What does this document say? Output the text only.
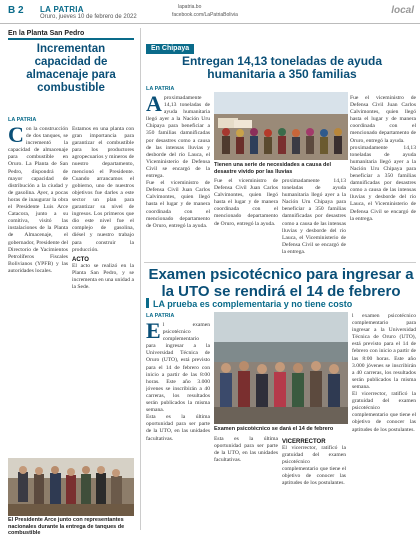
B 2 LA PATRIA
Oruro, jueves 10 de febrero de 2022
lapatria.bo
facebook.com/LaPatriaBolivia	local
En la Planta San Pedro
Incrementan capacidad de almacenaje para combustible
LA PATRIA
C on la construcción de dos tanques, se incrementó la capacidad de almacenaje para combustible en Oruro. La Planta de San Pedro, dispondrá de mayor capacidad de distribución a la ciudad y de gasolina. Ayer, a pocas horas de inaugurar la obra el Presidente Luis Arce Catacora, junto a su comitiva, visitó las instalaciones de la Planta de Almacenaje, el gobernador, Presidente del Directorio de Yacimientos Petrolíferos Fiscales Bolivianos (YPFB) y las autoridades locales.

Estamos en una planta con gran importancia para garantizar el combustible para los productores agropecuarios y mineros de nuestro departamento, mencionó el Presidente. Cuando arrancamos el gobierno, uno de nuestros objetivos fue darles a este sector un plan para garantizar su nivel de ingresos. Los primeros que dio este nivel fue el complejo de gasolina, diésel y nuestro trabajo para construir la producción.

ACTO

El acto se realizó en la Planta San Pedro, y se incrementa en una unidad a la Sede.

El Presidente Arce junto con representantes nacionales durante la entrega de tanques de combustible
En Chipaya
Entregan 14,13 toneladas de ayuda humanitaria a 350 familias
LA PATRIA
A proximadamente 14,13 toneladas de ayuda humanitaria llegó ayer a la Nación Uru Chipaya para beneficiar a 350 familias damnificadas por desastres como a causa de las intensas lluvias y desborde del río Lauca, el Viceministerio de Defensa Civil se encargó de la entrega.

Fue el viceministro de Defensa Civil Juan Carlos Calvimontes, quien llegó hasta el lugar y de manera coordinada con el mencionado departamento de Oruro, entregó la ayuda.

Tienen una serie de necesidades a causa del desastre vivido por las lluvias

Fue el viceministro de Defensa Civil Juan Carlos Calvimontes, quien llegó hasta el lugar y de manera coordinada con el mencionado departamento de Oruro, entregó la ayuda.

proximadamente 14,13 toneladas de ayuda humanitaria llegó ayer a la Nación Uru Chipaya para beneficiar a 350 familias damnificadas por desastres como a causa de las intensas lluvias y desborde del río Lauca, el Viceministerio de Defensa Civil se encargó de la entrega.

Fue el viceministro de Defensa Civil Juan Carlos Calvimontes, quien llegó hasta el lugar y de manera coordinada con el mencionado departamento de Oruro, entregó la ayuda.

proximadamente 14,13 toneladas de ayuda humanitaria llegó ayer a la Nación Uru Chipaya para beneficiar a 350 familias damnificadas por desastres como a causa de las intensas lluvias y desborde del río Lauca, el Viceministerio de Defensa Civil se encargó de la entrega.

Examen psicotécnico para ingresar a la UTO se rendirá el 14 de febrero
LA prueba es complementaria y no tiene costo
LA PATRIA
E l examen psicotécnico complementario para ingresar a la Universidad Técnica de Oruro (UTO), está previsto para el 14 de febrero con inicio a partir de las 8:00 horas. Este año 3.000 jóvenes se inscribirán a 40 carreras, los resultados serán publicados la misma semana.

Esta es la última oportunidad para ser parte de la UTO, en las unidades facultativas.

Examen psicotécnico se dará el 14 de febrero

Esta es la última oportunidad para ser parte de la UTO, en las unidades facultativas.

VICERRECTOR

El vicerrector, ratificó la gratuidad del examen psicotécnico complementario que tiene el objetivo de conocer las aptitudes de los postulantes.

l examen psicotécnico complementario para ingresar a la Universidad Técnica de Oruro (UTO), está previsto para el 14 de febrero con inicio a partir de las 8:00 horas. Este año 3.000 jóvenes se inscribirán a 40 carreras, los resultados serán publicados la misma semana.

El vicerrector, ratificó la gratuidad del examen psicotécnico complementario que tiene el objetivo de conocer las aptitudes de los postulantes.
